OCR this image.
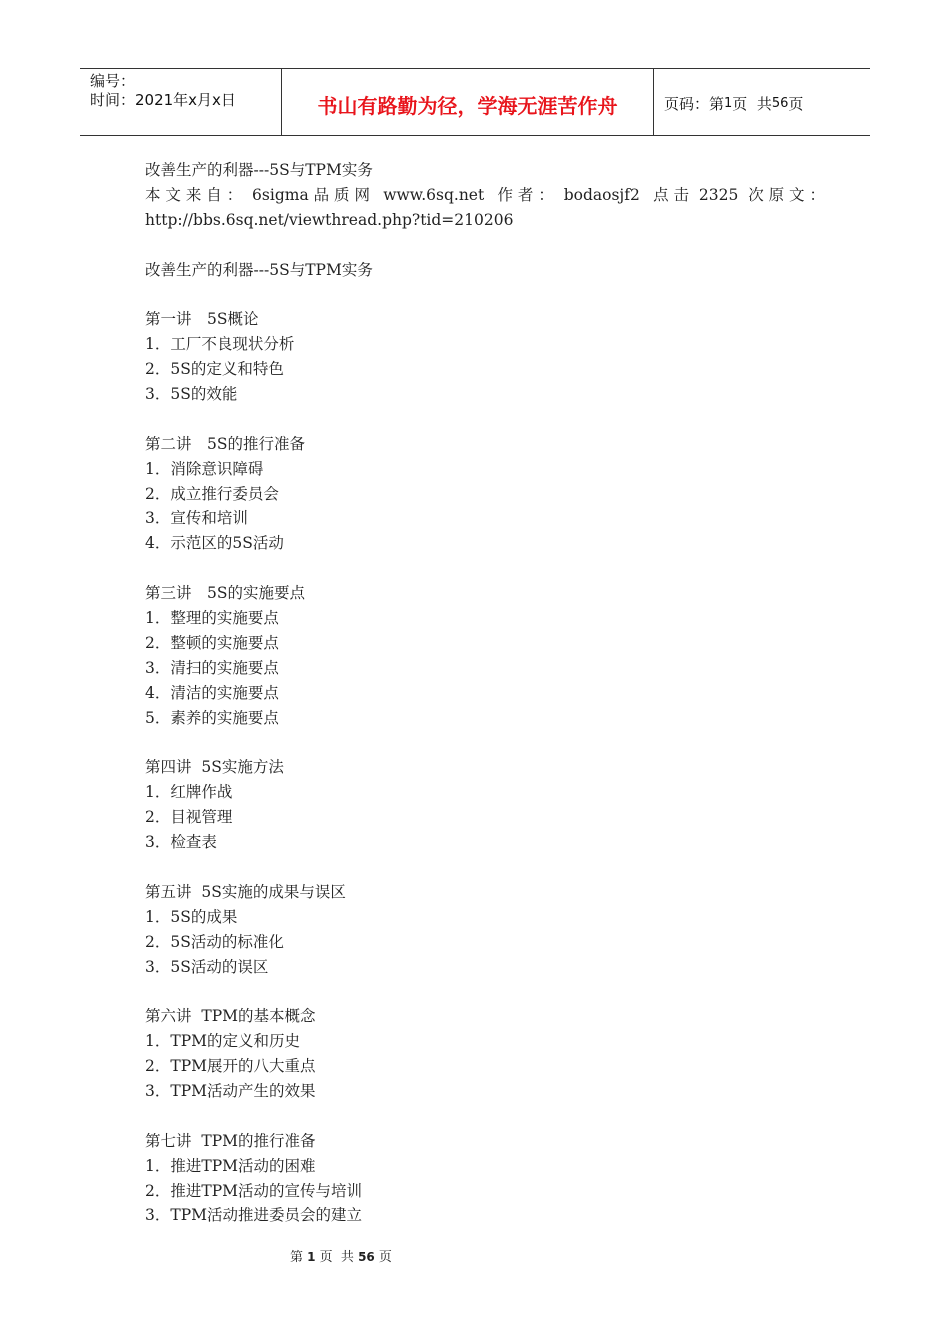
编号：
时间：2021年x月x日	书山有路勤为径，学海无涯苦作舟	页码：第 1 页  共 56 页
改善生产的利器---5S与TPM实务
本 文 来 自 ：  6sigma 品 质 网 www.6sq.net 作 者 ：  bodaosjf2 点 击  2325  次 原 文 ：
http://bbs.6sq.net/viewthread.php?tid=210206
改善生产的利器---5S与TPM实务
第一讲　5S概论
1．工厂不良现状分析
2．5S的定义和特色
3．5S的效能
第二讲　5S的推行准备
1．消除意识障碍
2．成立推行委员会
3．宣传和培训
4．示范区的5S活动
第三讲　5S的实施要点
1．整理的实施要点
2．整顿的实施要点
3．清扫的实施要点
4．清洁的实施要点
5．素养的实施要点
第四讲  5S实施方法
1．红牌作战
2．目视管理
3．检查表
第五讲  5S实施的成果与误区
1．5S的成果
2．5S活动的标准化
3．5S活动的误区
第六讲  TPM的基本概念
1．TPM的定义和历史
2．TPM展开的八大重点
3．TPM活动产生的效果
第七讲  TPM的推行准备
1．推进TPM活动的困难
2．推进TPM活动的宣传与培训
3．TPM活动推进委员会的建立
第 1 页  共 56 页
